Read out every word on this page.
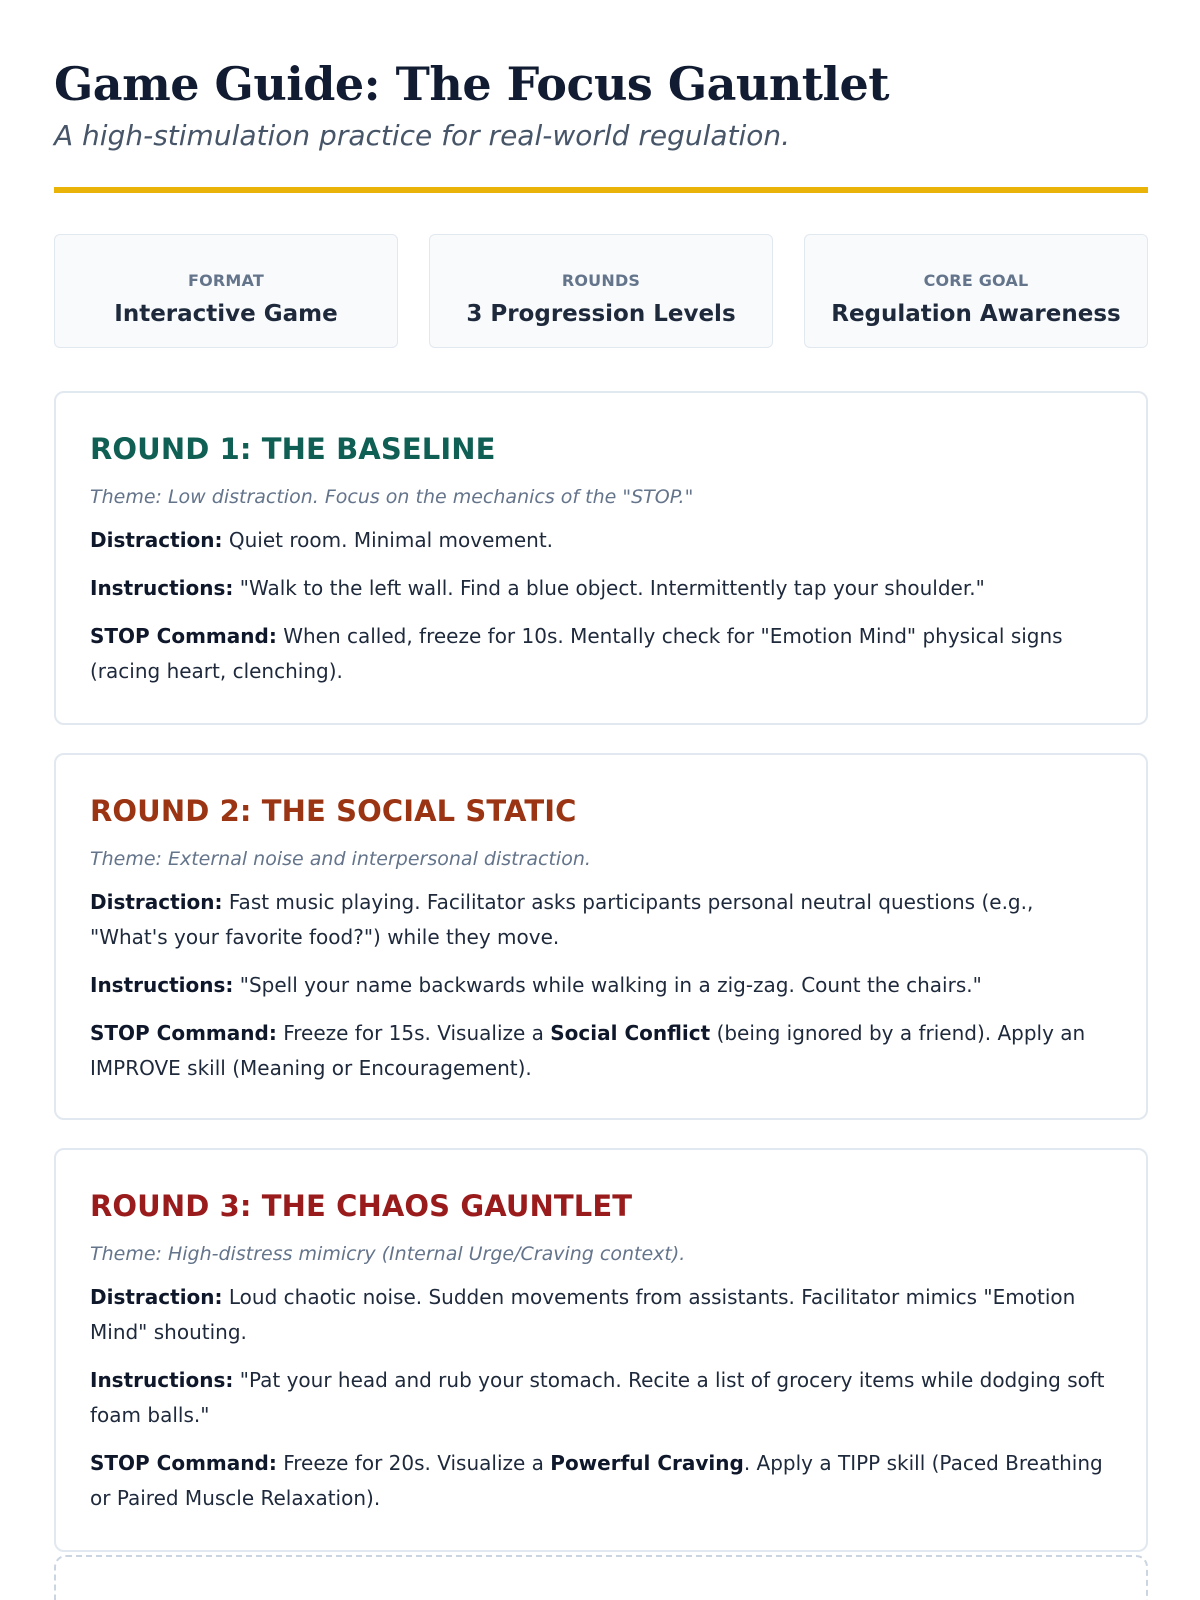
Game Guide: The Focus Gauntlet

A high-stimulation practice for real-world regulation.

FORMAT
Interactive Game
ROUNDS
3 Progression Levels
CORE GOAL
Regulation Awareness
ROUND 1: THE BASELINE

Theme: Low distraction. Focus on the mechanics of the "STOP."

Distraction: Quiet room. Minimal movement.

Instructions: "Walk to the left wall. Find a blue object. Intermittently tap your shoulder."

STOP Command: When called, freeze for 10s. Mentally check for "Emotion Mind" physical signs (racing heart, clenching).

ROUND 2: THE SOCIAL STATIC

Theme: External noise and interpersonal distraction.

Distraction: Fast music playing. Facilitator asks participants personal neutral questions (e.g., "What's your favorite food?") while they move.

Instructions: "Spell your name backwards while walking in a zig-zag. Count the chairs."

STOP Command: Freeze for 15s. Visualize a Social Conflict (being ignored by a friend). Apply an IMPROVE skill (Meaning or Encouragement).

ROUND 3: THE CHAOS GAUNTLET

Theme: High-distress mimicry (Internal Urge/Craving context).

Distraction: Loud chaotic noise. Sudden movements from assistants. Facilitator mimics "Emotion Mind" shouting.

Instructions: "Pat your head and rub your stomach. Recite a list of grocery items while dodging soft foam balls."

STOP Command: Freeze for 20s. Visualize a Powerful Craving. Apply a TIPP skill (Paced Breathing or Paired Muscle Relaxation).
